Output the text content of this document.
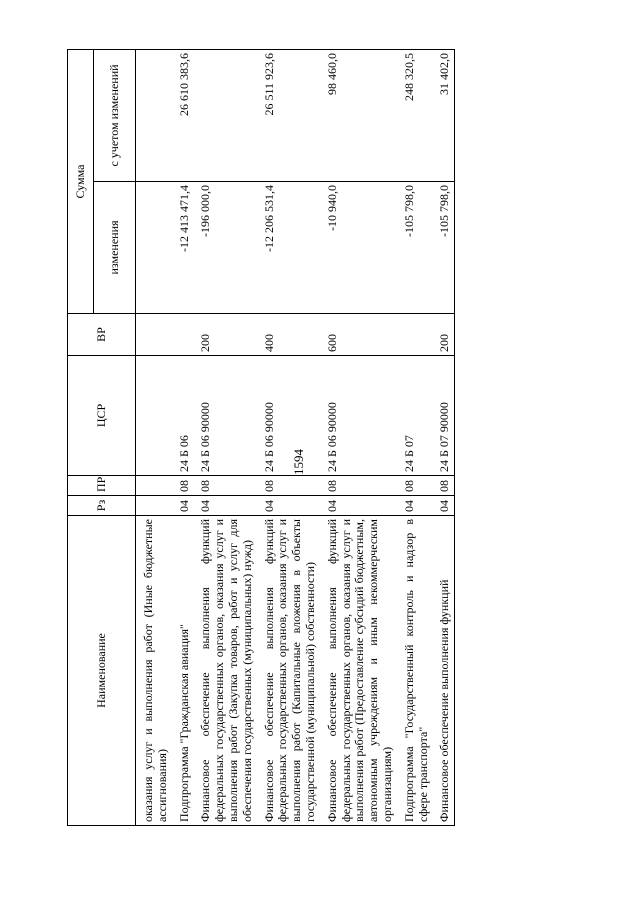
1594
Наименование	Рз	ПР	ЦСР	ВР	Сумма	
					изменения	с учетом изменений
оказания услуг и выполнения работ (Иные бюджетные ассигнования)						
Подпрограмма "Гражданская авиация"	04	08	24 Б 06		-12 413 471,4	26 610 383,6
Финансовое обеспечение выполнения функций федеральных государственных органов, оказания услуг и выполнения работ (Закупка товаров, работ и услуг для обеспечения государственных (муниципальных) нужд)	04	08	24 Б 06 90000	200	-196 000,0	
Финансовое обеспечение выполнения функций федеральных государственных органов, оказания услуг и выполнения работ (Капитальные вложения в объекты государственной (муниципальной) собственности)	04	08	24 Б 06 90000	400	-12 206 531,4	26 511 923,6
Финансовое обеспечение выполнения функций федеральных государственных органов, оказания услуг и выполнения работ (Предоставление субсидий бюджетным, автономным учреждениям и иным некоммерческим организациям)	04	08	24 Б 06 90000	600	-10 940,0	98 460,0
Подпрограмма "Государственный контроль и надзор в сфере транспорта"	04	08	24 Б 07		-105 798,0	248 320,5
Финансовое обеспечение выполнения функций	04	08	24 Б 07 90000	200	-105 798,0	31 402,0
